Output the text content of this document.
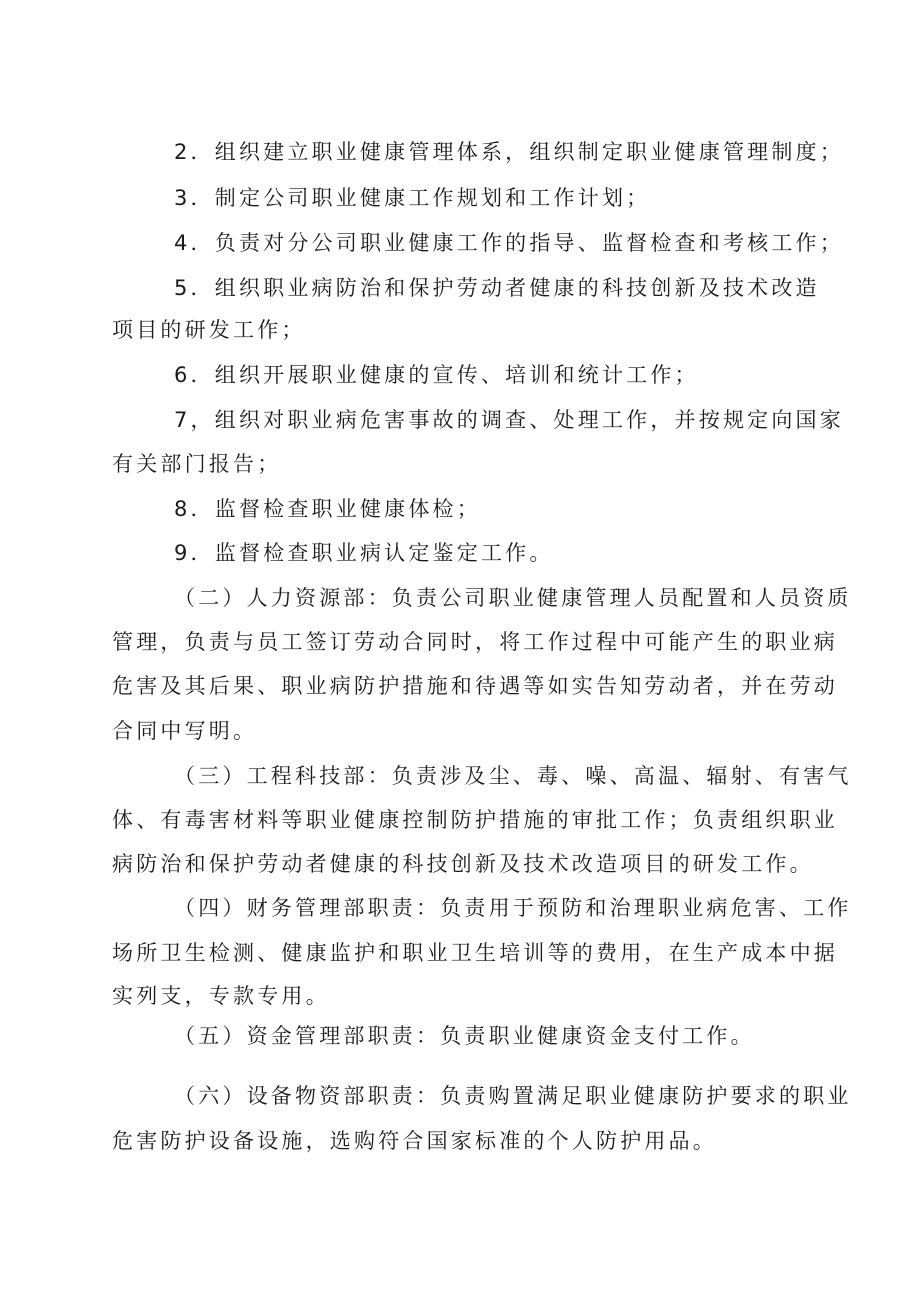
2．组织建立职业健康管理体系，组织制定职业健康管理制度；
3．制定公司职业健康工作规划和工作计划；
4．负责对分公司职业健康工作的指导、监督检查和考核工作；
5．组织职业病防治和保护劳动者健康的科技创新及技术改造
项目的研发工作；
6．组织开展职业健康的宣传、培训和统计工作；
7，组织对职业病危害事故的调查、处理工作，并按规定向国家
有关部门报告；
8．监督检查职业健康体检；
9．监督检查职业病认定鉴定工作。
（二）人力资源部：负责公司职业健康管理人员配置和人员资质
管理，负责与员工签订劳动合同时，将工作过程中可能产生的职业病
危害及其后果、职业病防护措施和待遇等如实告知劳动者，并在劳动
合同中写明。
（三）工程科技部：负责涉及尘、毒、噪、高温、辐射、有害气
体、有毒害材料等职业健康控制防护措施的审批工作；负责组织职业
病防治和保护劳动者健康的科技创新及技术改造项目的研发工作。
（四）财务管理部职责：负责用于预防和治理职业病危害、工作
场所卫生检测、健康监护和职业卫生培训等的费用，在生产成本中据
实列支，专款专用。
（五）资金管理部职责：负责职业健康资金支付工作。
（六）设备物资部职责：负责购置满足职业健康防护要求的职业
危害防护设备设施，选购符合国家标准的个人防护用品。
